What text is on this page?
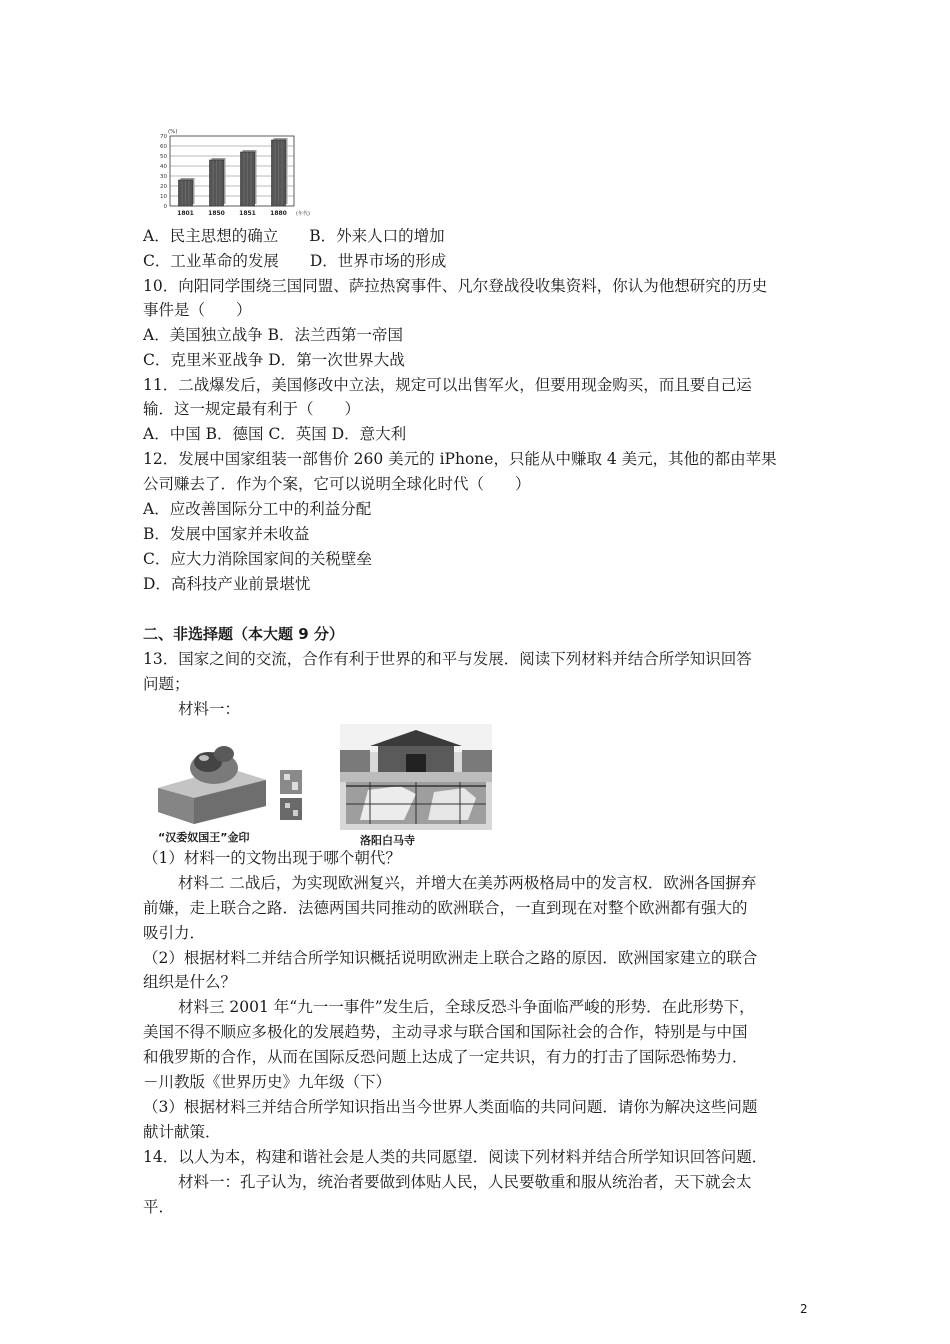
0
10
20
30
40
50
60
70
(%)
1801 1850 1851 1880 (年代)
A．民主思想的确立　　B．外来人口的增加
C．工业革命的发展　　D．世界市场的形成
10．向阳同学围绕三国同盟、萨拉热窝事件、凡尔登战役收集资料，你认为他想研究的历史
事件是（　　）
A．美国独立战争 B．法兰西第一帝国
C．克里米亚战争 D．第一次世界大战
11．二战爆发后，美国修改中立法，规定可以出售军火，但要用现金购买，而且要自己运
输．这一规定最有利于（　　）
A．中国 B．德国 C．英国 D．意大利
12．发展中国家组装一部售价 260 美元的 iPhone，只能从中赚取 4 美元，其他的都由苹果
公司赚去了．作为个案，它可以说明全球化时代（　　）
A．应改善国际分工中的利益分配
B．发展中国家并未收益
C．应大力消除国家间的关税壁垒
D．高科技产业前景堪忧
二、非选择题（本大题 9 分）
13．国家之间的交流，合作有利于世界的和平与发展．阅读下列材料并结合所学知识回答
问题；
材料一：
“汉委奴国王”金印	洛阳白马寺
（1）材料一的文物出现于哪个朝代？
材料二 二战后，为实现欧洲复兴，并增大在美苏两极格局中的发言权．欧洲各国摒弃
前嫌，走上联合之路．法德两国共同推动的欧洲联合，一直到现在对整个欧洲都有强大的
吸引力．
（2）根据材料二并结合所学知识概括说明欧洲走上联合之路的原因．欧洲国家建立的联合
组织是什么？
材料三 2001 年“九一一事件”发生后，全球反恐斗争面临严峻的形势．在此形势下，
美国不得不顺应多极化的发展趋势，主动寻求与联合国和国际社会的合作，特别是与中国
和俄罗斯的合作，从而在国际反恐问题上达成了一定共识，有力的打击了国际恐怖势力．
－川教版《世界历史》九年级（下）
（3）根据材料三并结合所学知识指出当今世界人类面临的共同问题．请你为解决这些问题
献计献策．
14．以人为本，构建和谐社会是人类的共同愿望．阅读下列材料并结合所学知识回答问题．
材料一：孔子认为，统治者要做到体贴人民，人民要敬重和服从统治者，天下就会太
平．
2
